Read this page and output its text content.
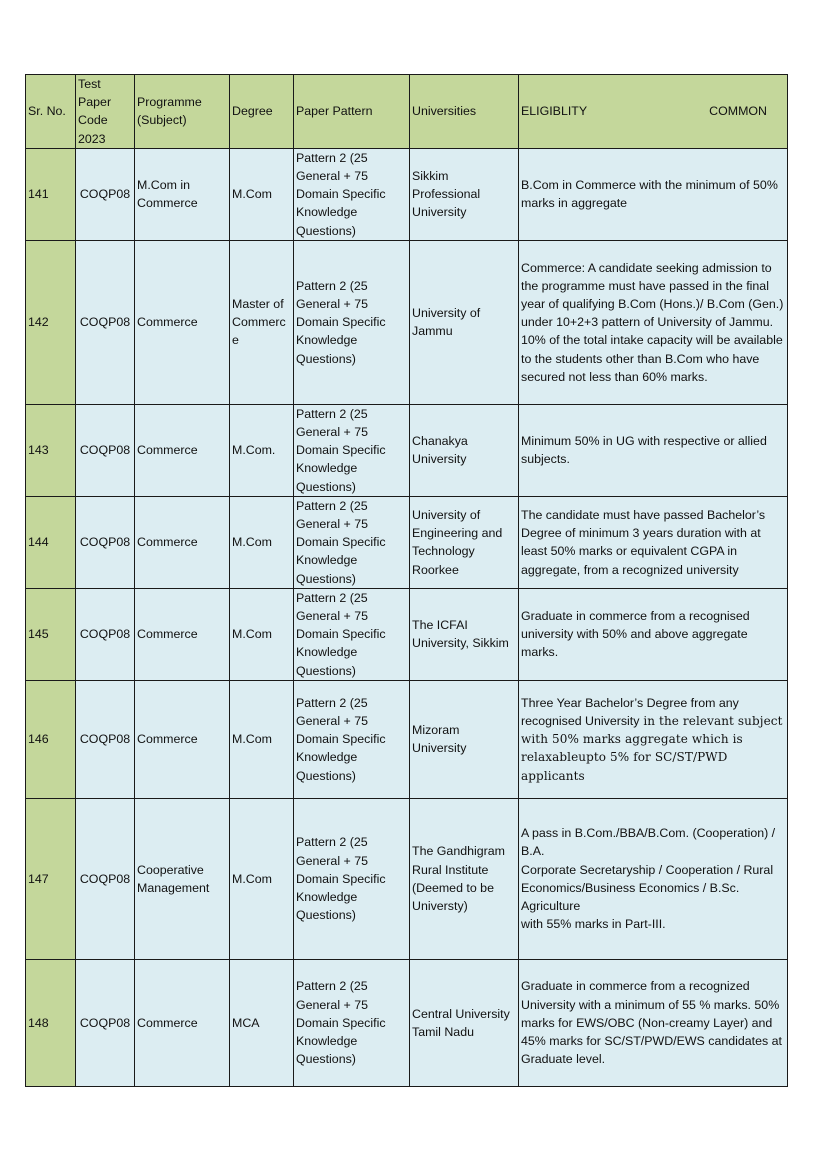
Sr. No.	Test Paper Code 2023	Programme (Subject)	Degree	Paper Pattern	Universities	ELIGIBLITY COMMON

141	COQP08	M.Com in Commerce	M.Com	Pattern 2 (25 General + 75 Domain Specific Knowledge Questions)	Sikkim Professional University	B.Com in Commerce with the minimum of 50% marks in aggregate
142	COQP08	Commerce	Master of Commerce	Pattern 2 (25 General + 75 Domain Specific Knowledge Questions)	University of Jammu	Commerce: A candidate seeking admission to the programme must have passed in the final year of qualifying B.Com (Hons.)/ B.Com (Gen.) under 10+2+3 pattern of University of Jammu. 10% of the total intake capacity will be available to the students other than B.Com who have secured not less than 60% marks.
143	COQP08	Commerce	M.Com.	Pattern 2 (25 General + 75 Domain Specific Knowledge Questions)	Chanakya University	Minimum 50% in UG with respective or allied subjects.
144	COQP08	Commerce	M.Com	Pattern 2 (25 General + 75 Domain Specific Knowledge Questions)	University of Engineering and Technology Roorkee	The candidate must have passed Bachelor’s Degree of minimum 3 years duration with at least 50% marks or equivalent CGPA in aggregate, from a recognized university
145	COQP08	Commerce	M.Com	Pattern 2 (25 General + 75 Domain Specific Knowledge Questions)	The ICFAI University, Sikkim	Graduate in commerce from a recognised university with 50% and above aggregate marks.
146	COQP08	Commerce	M.Com	Pattern 2 (25 General + 75 Domain Specific Knowledge Questions)	Mizoram University	Three Year Bachelor’s Degree from any recognised University in the relevant subject with 50% marks aggregate which is relaxableupto 5% for SC/ST/PWD applicants
147	COQP08	Cooperative Management	M.Com	Pattern 2 (25 General + 75 Domain Specific Knowledge Questions)	The Gandhigram Rural Institute (Deemed to be Universty)	A pass in B.Com./BBA/B.Com. (Cooperation) / B.A.
Corporate Secretaryship / Cooperation / Rural
Economics/Business Economics / B.Sc. Agriculture
with 55% marks in Part-III.

148	COQP08	Commerce	MCA	Pattern 2 (25 General + 75 Domain Specific Knowledge Questions)	Central University Tamil Nadu	Graduate in commerce from a recognized University with a minimum of 55 % marks. 50% marks for EWS/OBC (Non-creamy Layer) and 45% marks for SC/ST/PWD/EWS candidates at Graduate level.
